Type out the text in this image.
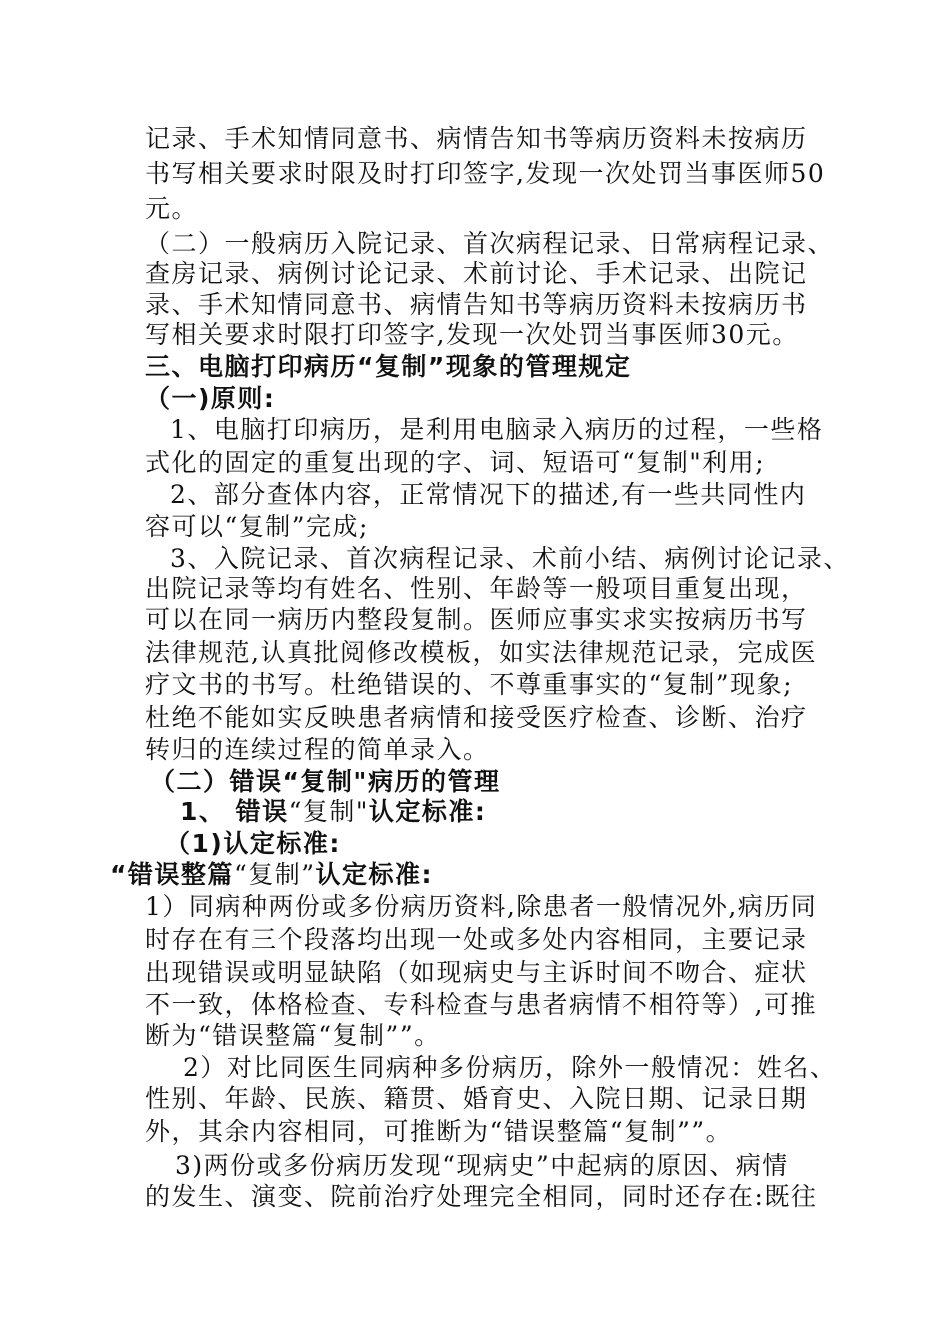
记录、手术知情同意书、病情告知书等病历资料未按病历
书写相关要求时限及时打印签字,发现一次处罚当事医师50
元。
（二）一般病历入院记录、首次病程记录、日常病程记录、
查房记录、病例讨论记录、术前讨论、手术记录、出院记
录、手术知情同意书、病情告知书等病历资料未按病历书
写相关要求时限打印签字,发现一次处罚当事医师30元。
三、电脑打印病历“复制”现象的管理规定
（一)原则:
1、电脑打印病历，是利用电脑录入病历的过程，一些格
式化的固定的重复出现的字、词、短语可“复制"利用;
2、部分查体内容，正常情况下的描述,有一些共同性内
容可以“复制”完成;
3、入院记录、首次病程记录、术前小结、病例讨论记录、
出院记录等均有姓名、性别、年龄等一般项目重复出现，
可以在同一病历内整段复制。医师应事实求实按病历书写
法律规范,认真批阅修改模板，如实法律规范记录，完成医
疗文书的书写。杜绝错误的、不尊重事实的“复制”现象;
杜绝不能如实反映患者病情和接受医疗检查、诊断、治疗
转归的连续过程的简单录入。
（二）错误“复制"病历的管理
1、 错误“复制"认定标准:
（1)认定标准:
“错误整篇“复制”认定标准:
1）同病种两份或多份病历资料,除患者一般情况外,病历同
时存在有三个段落均出现一处或多处内容相同，主要记录
出现错误或明显缺陷（如现病史与主诉时间不吻合、症状
不一致，体格检查、专科检查与患者病情不相符等）,可推
断为“错误整篇“复制””。
2）对比同医生同病种多份病历，除外一般情况：姓名、
性别、年龄、民族、籍贯、婚育史、入院日期、记录日期
外，其余内容相同，可推断为“错误整篇“复制””。
3)两份或多份病历发现“现病史”中起病的原因、病情
的发生、演变、院前治疗处理完全相同，同时还存在:既往
